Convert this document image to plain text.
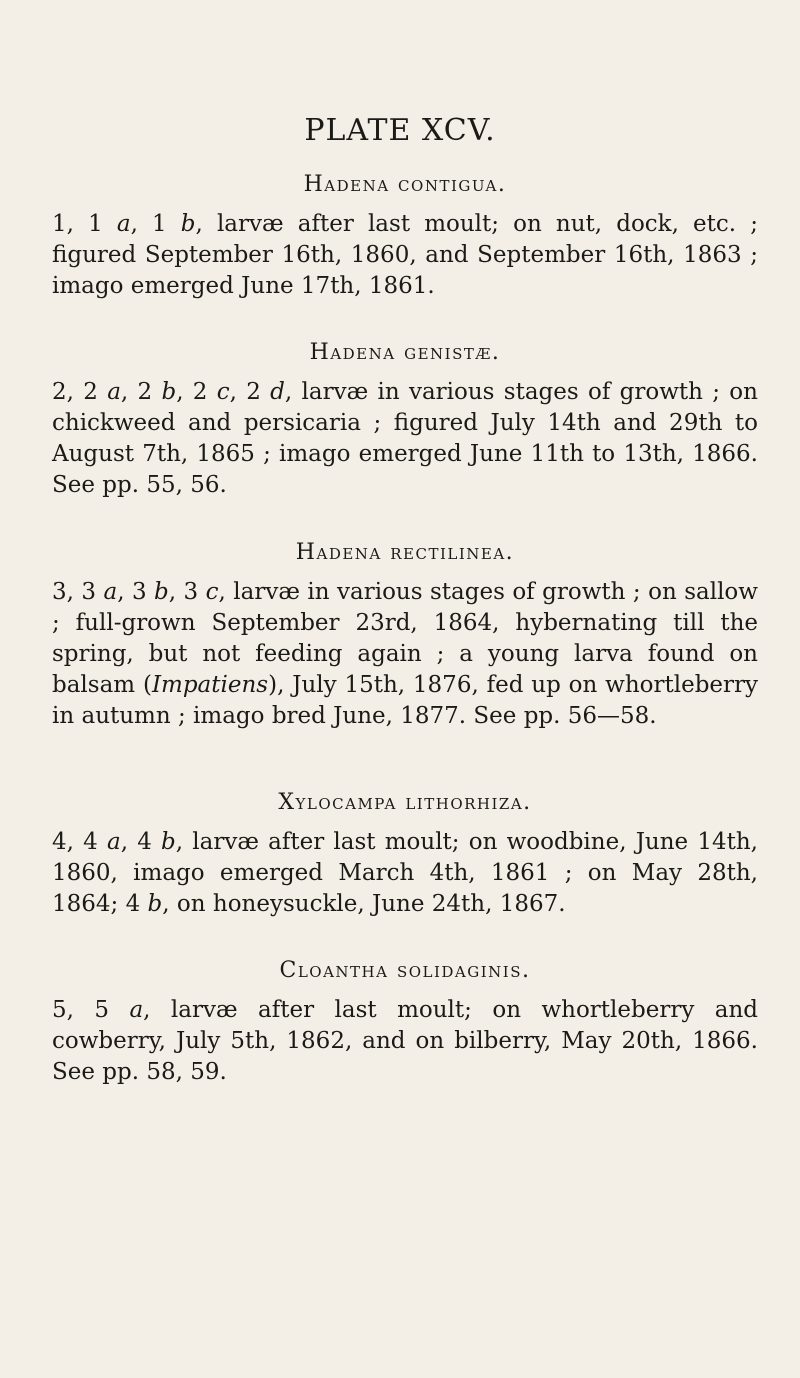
PLATE XCV.
Hadena contigua.

1, 1 a, 1 b, larvæ after last moult; on nut, dock, etc. ; figured September 16th, 1860, and September 16th, 1863 ; imago emerged June 17th, 1861.

Hadena genistæ.

2, 2 a, 2 b, 2 c, 2 d, larvæ in various stages of growth ; on chickweed and persicaria ; figured July 14th and 29th to August 7th, 1865 ; imago emerged June 11th to 13th, 1866. See pp. 55, 56.

Hadena rectilinea.

3, 3 a, 3 b, 3 c, larvæ in various stages of growth ; on sallow ; full-grown September 23rd, 1864, hybernating till the spring, but not feeding again ; a young larva found on balsam (Impatiens), July 15th, 1876, fed up on whortleberry in autumn ; imago bred June, 1877. See pp. 56—58.

Xylocampa lithorhiza.

4, 4 a, 4 b, larvæ after last moult; on woodbine, June 14th, 1860, imago emerged March 4th, 1861 ; on May 28th, 1864; 4 b, on honeysuckle, June 24th, 1867.

Cloantha solidaginis.

5, 5 a, larvæ after last moult; on whortleberry and cowberry, July 5th, 1862, and on bilberry, May 20th, 1866. See pp. 58, 59.
